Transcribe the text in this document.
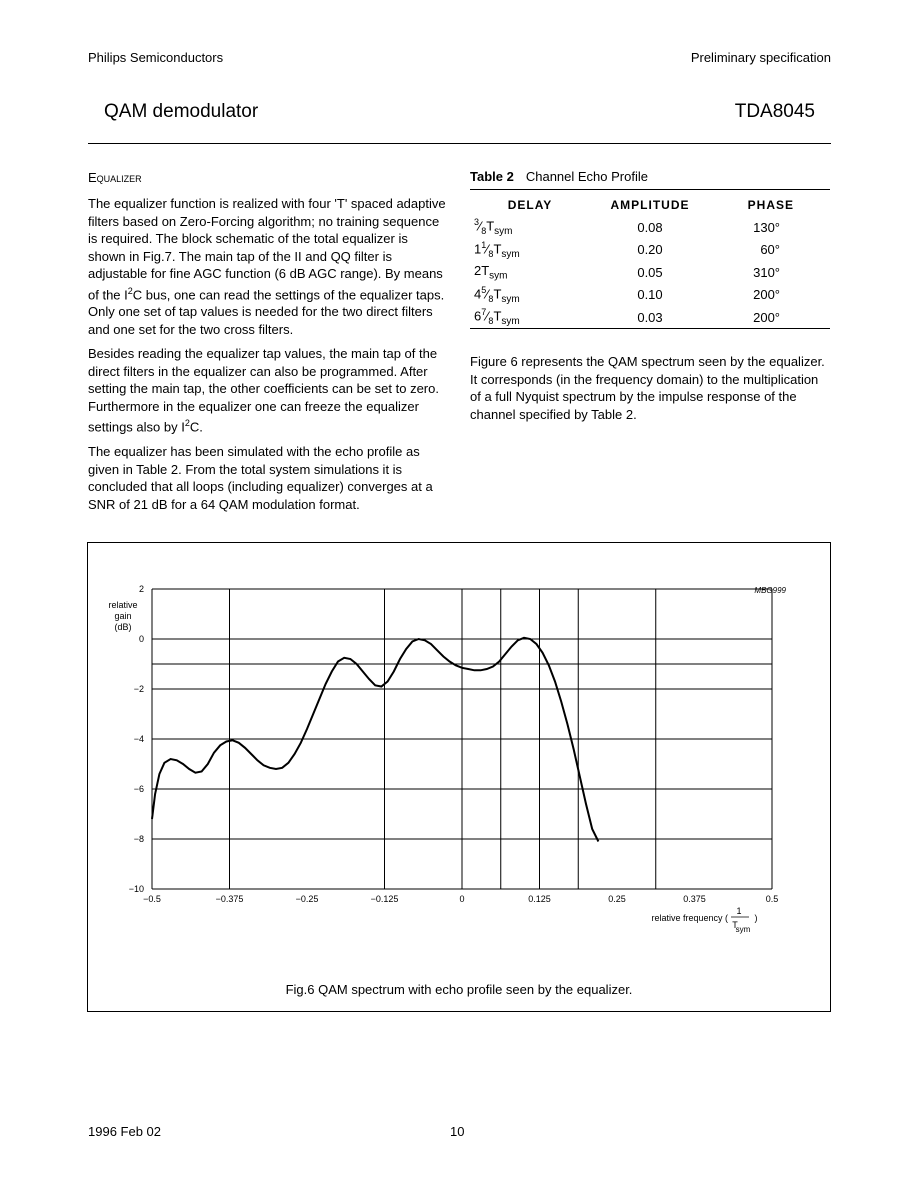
Philips Semiconductors	Preliminary specification
QAM demodulator	TDA8045
Equalizer
The equalizer function is realized with four 'T' spaced adaptive filters based on Zero-Forcing algorithm; no training sequence is required. The block schematic of the total equalizer is shown in Fig.7. The main tap of the II and QQ filter is adjustable for fine AGC function (6 dB AGC range). By means of the $I^2C$ bus, one can read the settings of the equalizer taps. Only one set of tap values is needed for the two direct filters and one set for the two cross filters.
Besides reading the equalizer tap values, the main tap of the direct filters in the equalizer can also be programmed. After setting the main tap, the other coefficients can be set to zero. Furthermore in the equalizer one can freeze the equalizer settings also by $I^2C$.
The equalizer has been simulated with the echo profile as given in Table 2. From the total system simulations it is concluded that all loops (including equalizer) converges at a SNR of 21 dB for a 64 QAM modulation format.
Table 2 Channel Echo Profile
DELAY	AMPLITUDE	PHASE
$^3⁄_8T_{sym}$	0.08	130°
$1^1⁄_8T_{sym}$	0.20	60°
$2T_{sym}$	0.05	310°
$4^5⁄_8T_{sym}$	0.10	200°
$6^7⁄_8T_{sym}$	0.03	200°
Figure 6 represents the QAM spectrum seen by the equalizer. It corresponds (in the frequency domain) to the multiplication of a full Nyquist spectrum by the impulse response of the channel specified by Table 2.
2
0
−2
−4
−6
−8
−10
−0.5	−0.375	−0.25	−0.125	0	0.125	0.25	0.375	0.5
MBG999
relative
gain
(dB)
relative frequency (
1
T
sym
)
Fig.6 QAM spectrum with echo profile seen by the equalizer.
1996 Feb 02	10
